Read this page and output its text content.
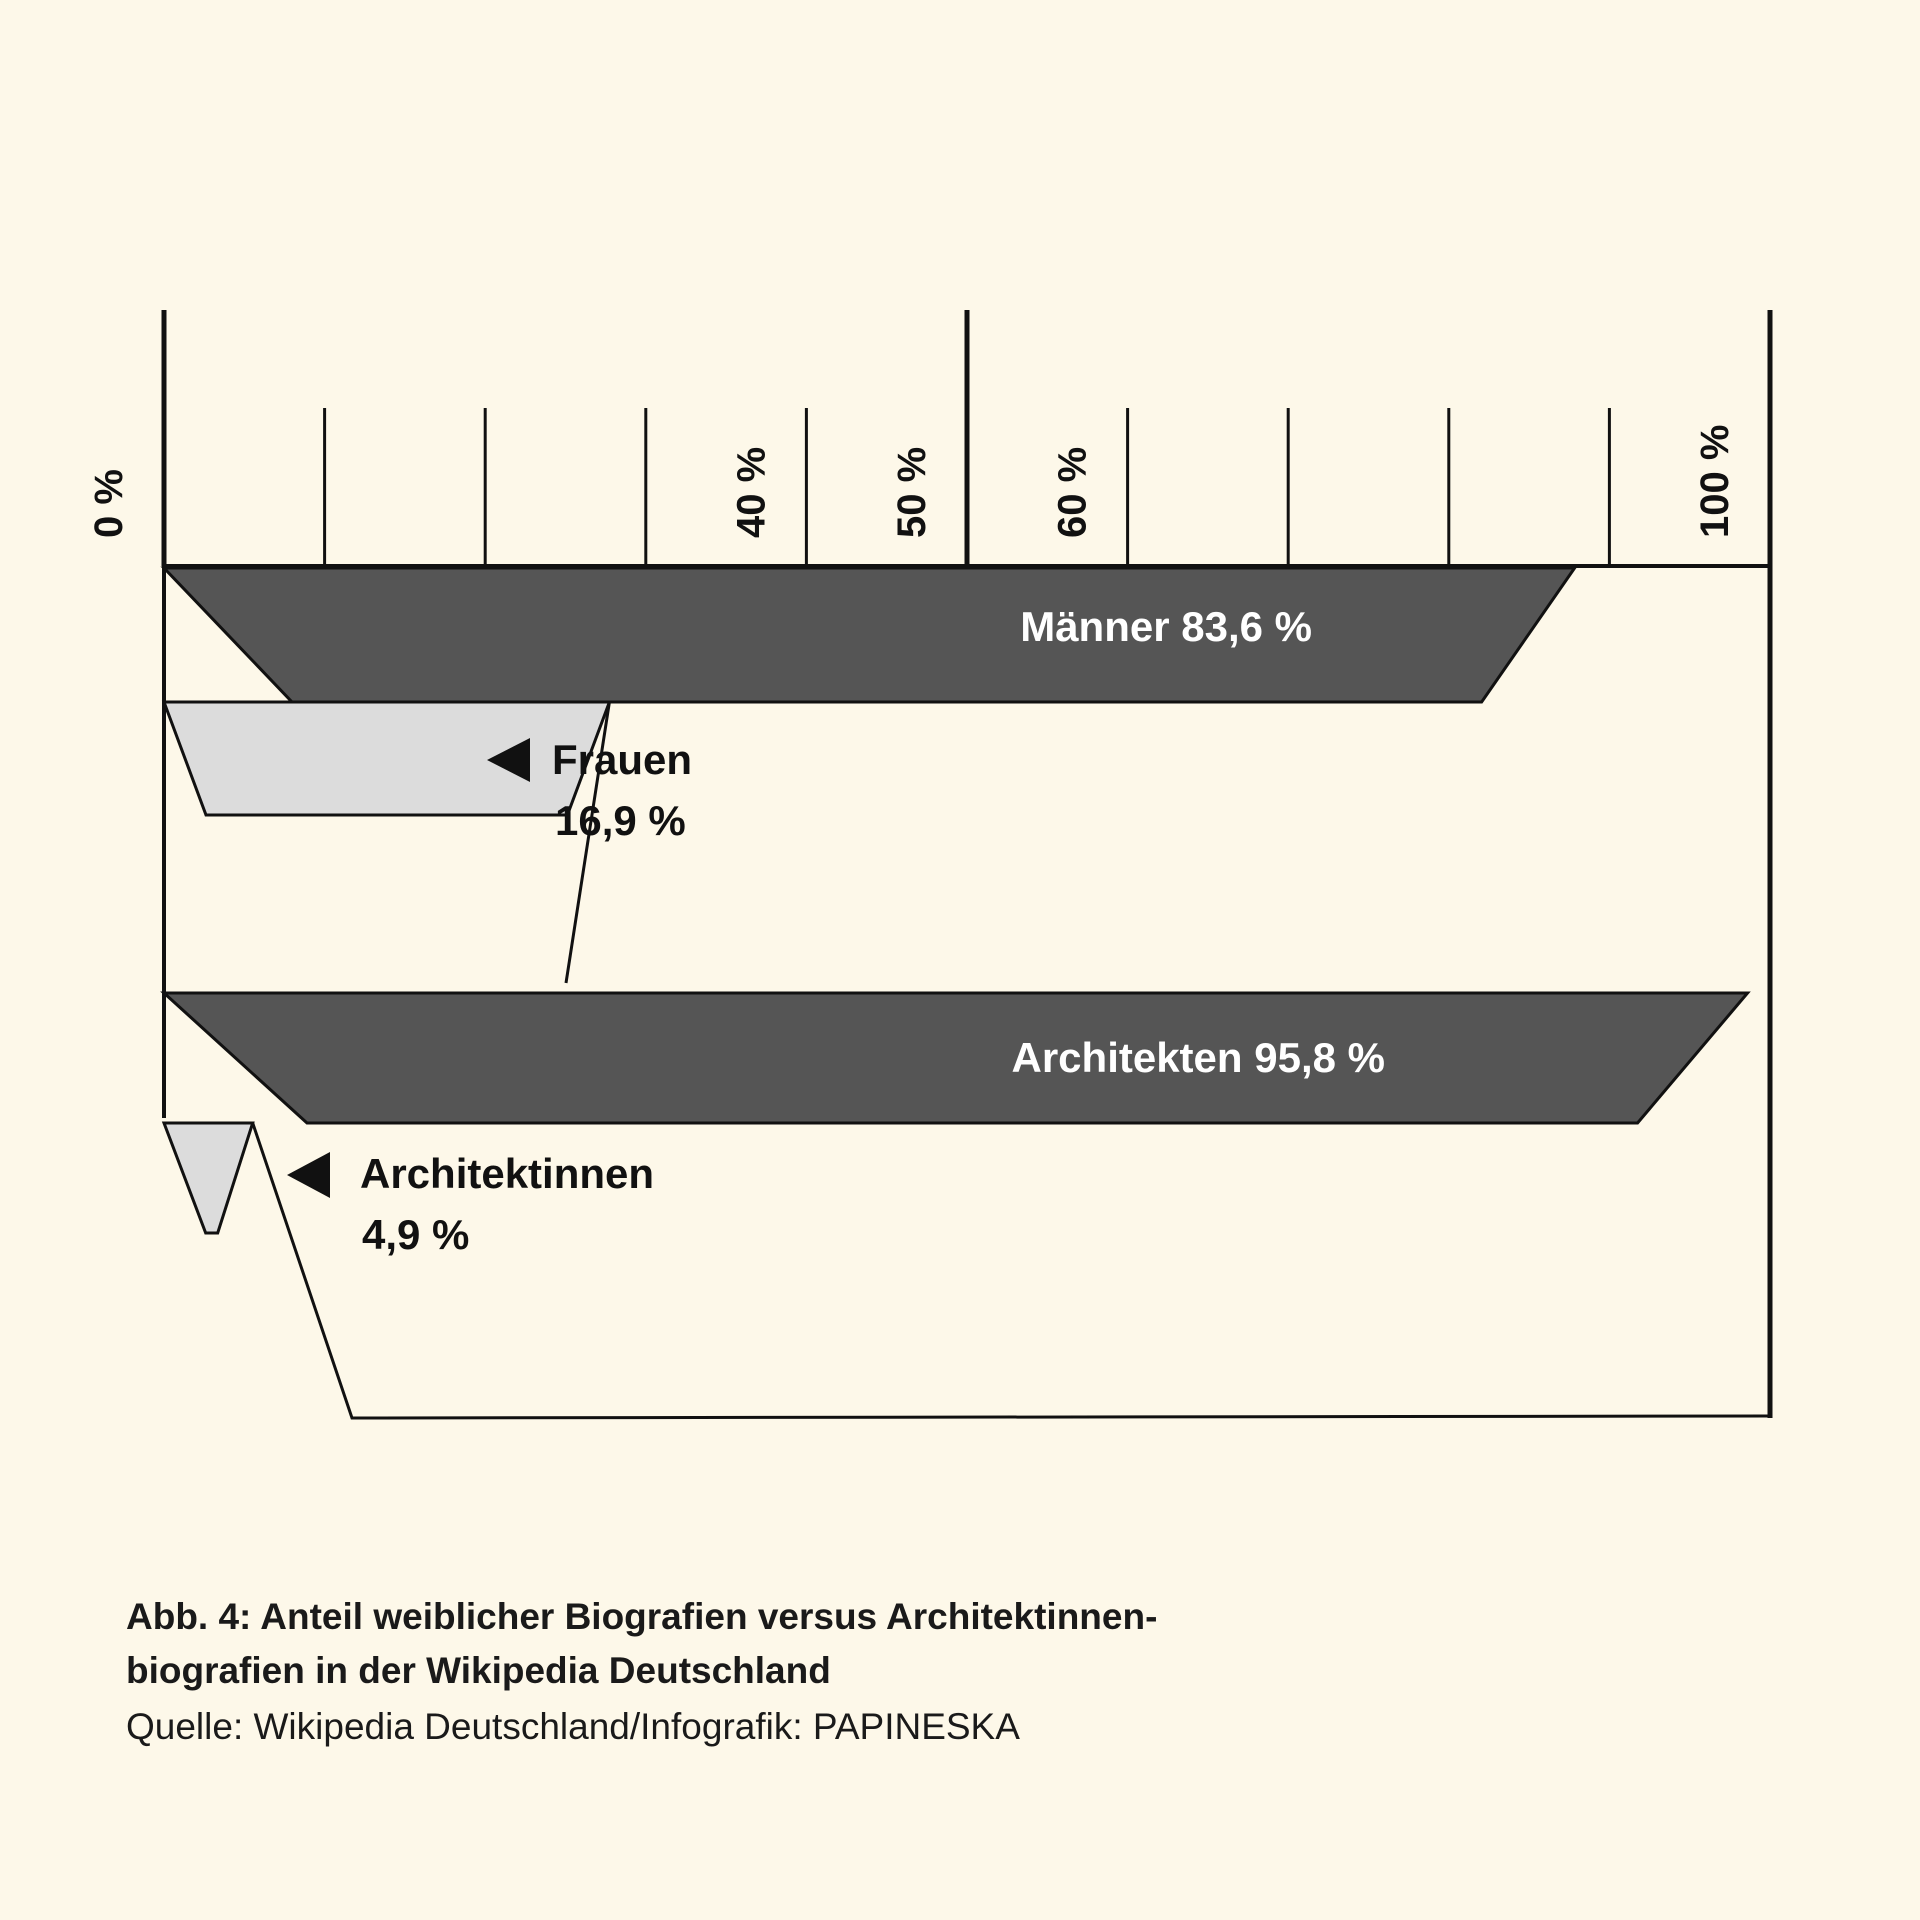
0 %	40 %	50 %	60 %	100 %
Männer 83,6 %
Frauen
16,9 %
Architekten 95,8 %
Architektinnen
4,9 %
Abb. 4: Anteil weiblicher Biografien versus Architektinnen-
biografien in der Wikipedia Deutschland
Quelle: Wikipedia Deutschland/Infografik: PAPINESKA
